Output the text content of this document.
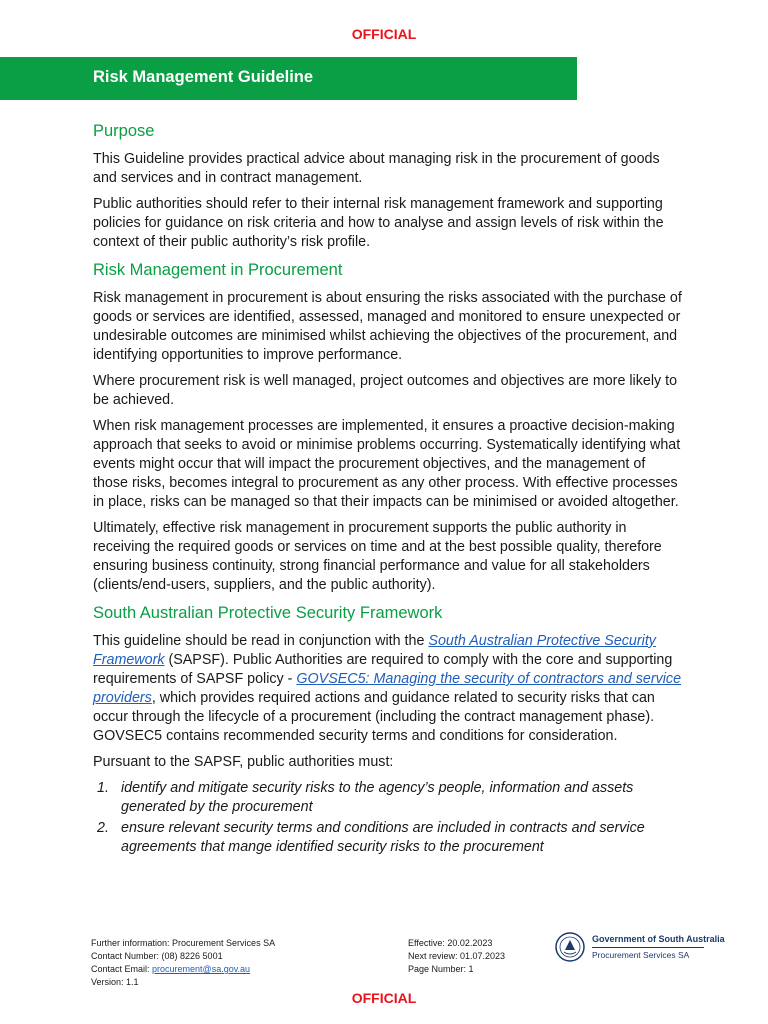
OFFICIAL
Risk Management Guideline
Purpose

This Guideline provides practical advice about managing risk in the procurement of goods and services and in contract management.

Public authorities should refer to their internal risk management framework and supporting policies for guidance on risk criteria and how to analyse and assign levels of risk within the context of their public authority’s risk profile.

Risk Management in Procurement

Risk management in procurement is about ensuring the risks associated with the purchase of goods or services are identified, assessed, managed and monitored to ensure unexpected or undesirable outcomes are minimised whilst achieving the objectives of the procurement, and identifying opportunities to improve performance.

Where procurement risk is well managed, project outcomes and objectives are more likely to be achieved.

When risk management processes are implemented, it ensures a proactive decision-making approach that seeks to avoid or minimise problems occurring. Systematically identifying what events might occur that will impact the procurement objectives, and the management of those risks, becomes integral to procurement as any other process. With effective processes in place, risks can be managed so that their impacts can be minimised or avoided altogether.

Ultimately, effective risk management in procurement supports the public authority in receiving the required goods or services on time and at the best possible quality, therefore ensuring business continuity, strong financial performance and value for all stakeholders (clients/end-users, suppliers, and the public authority).

South Australian Protective Security Framework

This guideline should be read in conjunction with the South Australian Protective Security Framework (SAPSF). Public Authorities are required to comply with the core and supporting requirements of SAPSF policy - GOVSEC5: Managing the security of contractors and service providers, which provides required actions and guidance related to security risks that can occur through the lifecycle of a procurement (including the contract management phase). GOVSEC5 contains recommended security terms and conditions for consideration.

Pursuant to the SAPSF, public authorities must:

1. identify and mitigate security risks to the agency’s people, information and assets generated by the procurement
2. ensure relevant security terms and conditions are included in contracts and service agreements that mange identified security risks to the procurement
Further information: Procurement Services SA
Contact Number: (08) 8226 5001
Contact Email: procurement@sa.gov.au
Version: 1.1
Effective: 20.02.2023
Next review: 01.07.2023
Page Number: 1
Government of South Australia
Procurement Services SA
OFFICIAL
